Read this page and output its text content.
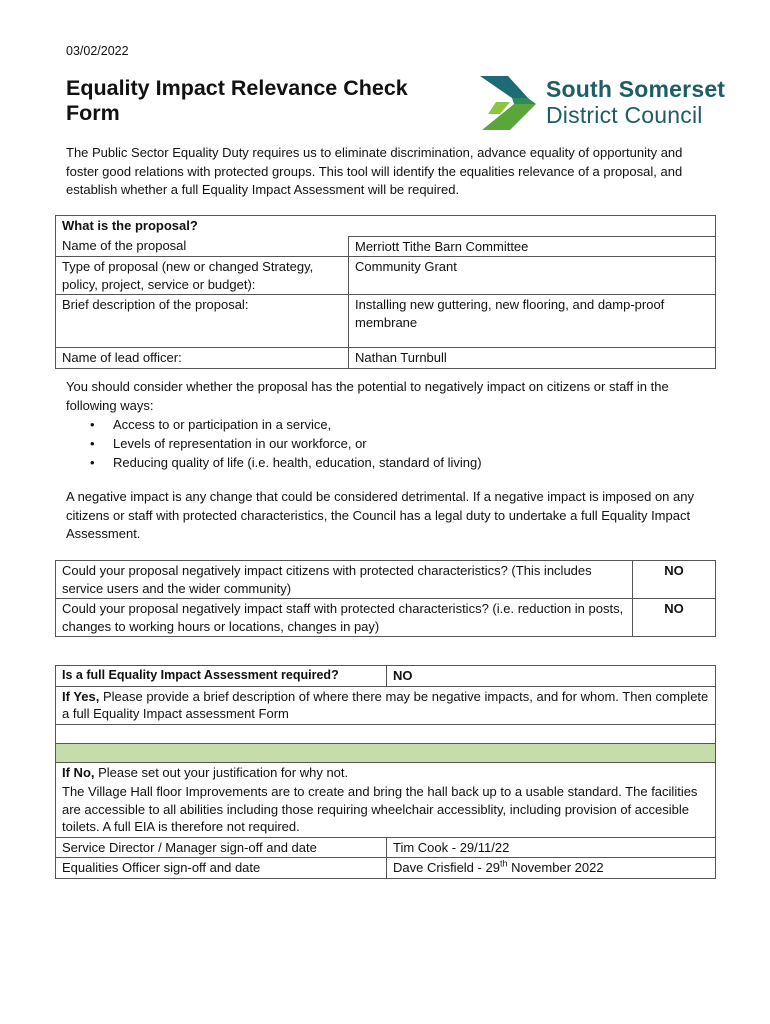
03/02/2022
Equality Impact Relevance Check Form
South Somerset
District Council
The Public Sector Equality Duty requires us to eliminate discrimination, advance equality of opportunity and foster good relations with protected groups. This tool will identify the equalities relevance of a proposal, and establish whether a full Equality Impact Assessment will be required.
What is the proposal?	
Name of the proposal	Merriott Tithe Barn Committee
Type of proposal (new or changed Strategy, policy, project, service or budget):	Community Grant
Brief description of the proposal:	Installing new guttering, new flooring, and damp-proof membrane
Name of lead officer:	Nathan Turnbull
You should consider whether the proposal has the potential to negatively impact on citizens or staff in the following ways:
• Access to or participation in a service,
• Levels of representation in our workforce, or
• Reducing quality of life (i.e. health, education, standard of living)
A negative impact is any change that could be considered detrimental. If a negative impact is imposed on any citizens or staff with protected characteristics, the Council has a legal duty to undertake a full Equality Impact Assessment.
Could your proposal negatively impact citizens with protected characteristics? (This includes service users and the wider community)	NO
Could your proposal negatively impact staff with protected characteristics? (i.e. reduction in posts, changes to working hours or locations, changes in pay)	NO
Is a full Equality Impact Assessment required?	NO
If Yes, Please provide a brief description of where there may be negative impacts, and for whom. Then complete a full Equality Impact assessment Form	

If No, Please set out your justification for why not.	
The Village Hall floor Improvements are to create and bring the hall back up to a usable standard. The facilities are accessible to all abilities including those requiring wheelchair accessiblity, including provision of accesible toilets. A full EIA is therefore not required.	
Service Director / Manager sign-off and date	Tim Cook - 29/11/22
Equalities Officer sign-off and date	Dave Crisfield - 29th November 2022
